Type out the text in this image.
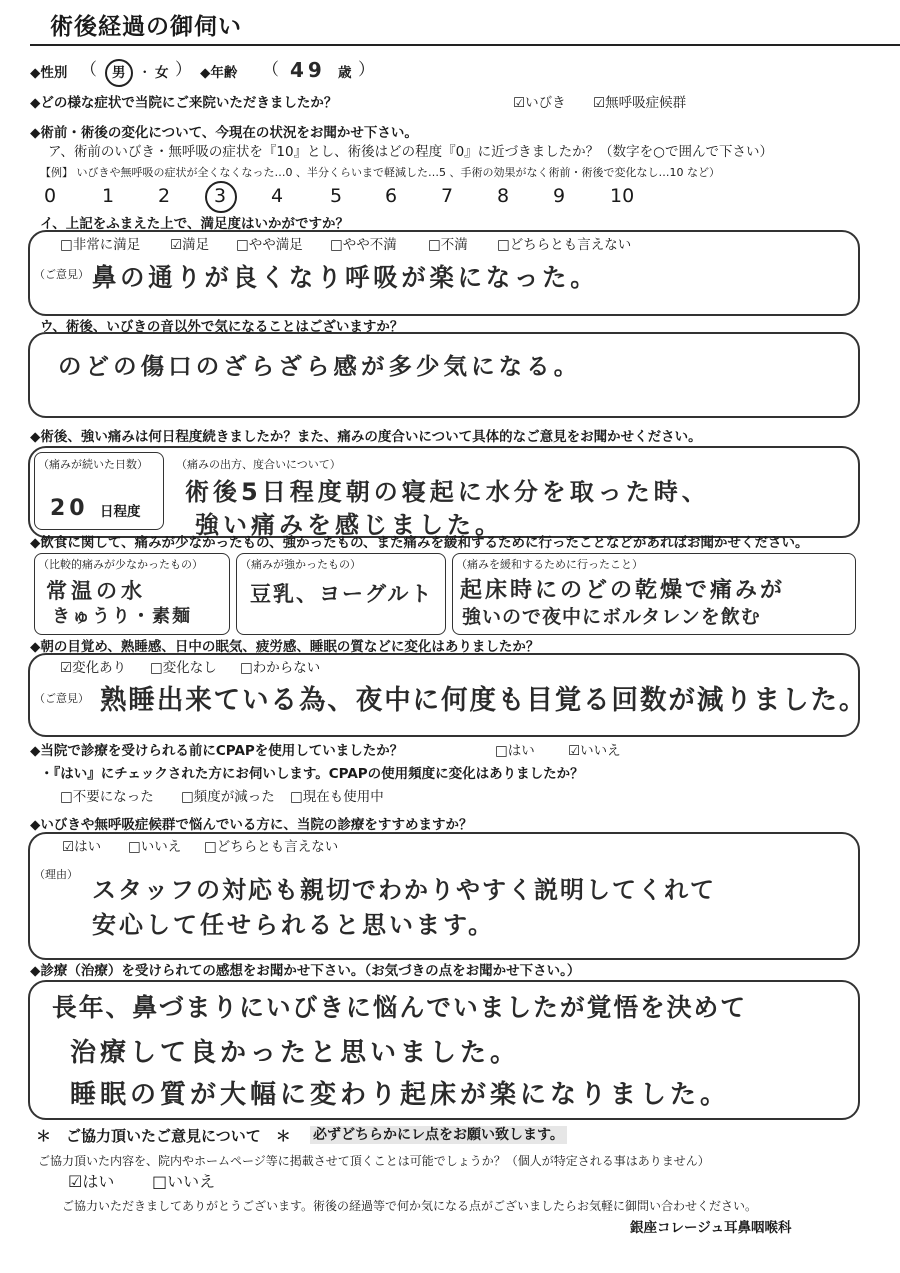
術後経過の御伺い
◆性別 （ 男 ・ 女 ） ◆年齢 （ 49 歳 ）
◆どの様な症状で当院にご来院いただきましたか？	☑いびき ☑無呼吸症候群
◆術前・術後の変化について、今現在の状況をお聞かせ下さい。
ア、術前のいびき・無呼吸の症状を『10』とし、術後はどの程度『0』に近づきましたか？（数字を○で囲んで下さい）
【例】 いびきや無呼吸の症状が全くなくなった…0 、半分くらいまで軽減した…5 、手術の効果がなく術前・術後で変化なし…10 など）
0 1 2 3 4 5 6 7 8 9 10
イ、上記をふまえた上で、満足度はいかがですか？
□非常に満足 ☑満足 □やや満足 □やや不満 □不満 □どちらとも言えない
（ご意見） 鼻の通りが良くなり呼吸が楽になった。
ウ、術後、いびきの音以外で気になることはございますか？
のどの傷口のざらざら感が多少気になる。
◆術後、強い痛みは何日程度続きましたか？また、痛みの度合いについて具体的なご意見をお聞かせください。
（痛みが続いた日数）
20 日程度
（痛みの出方、度合いについて）
術後5日程度朝の寝起に水分を取った時、
強い痛みを感じました。
◆飲食に関して、痛みが少なかったもの、強かったもの、また痛みを緩和するために行ったことなどがあればお聞かせください。
（比較的痛みが少なかったもの）
常温の水
きゅうり・素麺
（痛みが強かったもの）
豆乳、ヨーグルト
（痛みを緩和するために行ったこと）
起床時にのどの乾燥で痛みが
強いので夜中にボルタレンを飲む
◆朝の目覚め、熟睡感、日中の眠気、疲労感、睡眠の質などに変化はありましたか？
☑変化あり □変化なし □わからない
（ご意見） 熟睡出来ている為、夜中に何度も目覚る回数が減りました。
◆当院で診療を受けられる前にCPAPを使用していましたか？	□はい ☑いいえ
・『はい』にチェックされた方にお伺いします。CPAPの使用頻度に変化はありましたか？
□不要になった □頻度が減った □現在も使用中
◆いびきや無呼吸症候群で悩んでいる方に、当院の診療をすすめますか？
☑はい □いいえ □どちらとも言えない
（理由）
スタッフの対応も親切でわかりやすく説明してくれて
安心して任せられると思います。
◆診療（治療）を受けられての感想をお聞かせ下さい。（お気づきの点をお聞かせ下さい。）
長年、鼻づまりにいびきに悩んでいましたが覚悟を決めて
治療して良かったと思いました。
睡眠の質が大幅に変わり起床が楽になりました。
＊　ご協力頂いたご意見について　＊ 必ずどちらかにレ点をお願い致します。
ご協力頂いた内容を、院内やホームページ等に掲載させて頂くことは可能でしょうか？（個人が特定される事はありません）
☑はい □いいえ
ご協力いただきましてありがとうございます。術後の経過等で何か気になる点がございましたらお気軽に御問い合わせください。
銀座コレージュ耳鼻咽喉科
